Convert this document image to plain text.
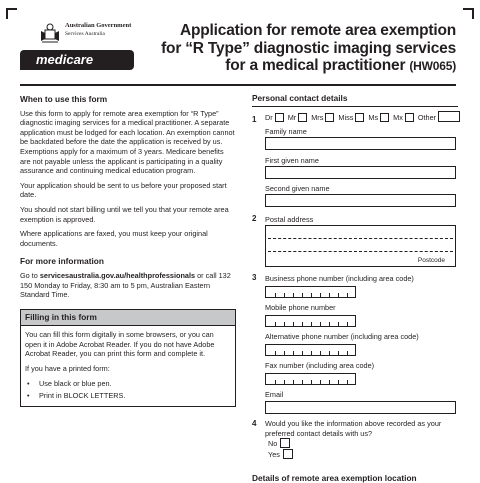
Australian Government
Services Australia
medicare
Application for remote area exemption
for “R Type” diagnostic imaging services
for a medical practitioner (HW065)
When to use this form

Use this form to apply for remote area exemption for “R Type” diagnostic imaging services for a medical practitioner. A separate application must be lodged for each location. An exemption cannot be backdated before the date the application is received by us. Exemptions apply for a maximum of 3 years. Medicare benefits are not payable unless the applicant is participating in a quality assurance and continuing medical education program.

Your application should be sent to us before your proposed start date.

You should not start billing until we tell you that your remote area exemption is approved.

Where applications are faxed, you must keep your original documents.

For more information

Go to servicesaustralia.gov.au/healthprofessionals or call 132 150 Monday to Friday, 8:30 am to 5 pm, Australian Eastern Standard Time.

Filling in this form

You can fill this form digitally in some browsers, or you can open it in Adobe Acrobat Reader. If you do not have Adobe Acrobat Reader, you can print this form and complete it.

If you have a printed form:

• Use black or blue pen.
• Print in BLOCK LETTERS.
Personal contact details
1 Dr Mr Mrs Miss Ms Mx Other
Family name
First given name
Second given name
2 Postal address
Postcode
3 Business phone number (including area code)
Mobile phone number
Alternative phone number (including area code)
Fax number (including area code)
Email
4 Would you like the information above recorded as your preferred contact details with us?
No
Yes
Details of remote area exemption location
